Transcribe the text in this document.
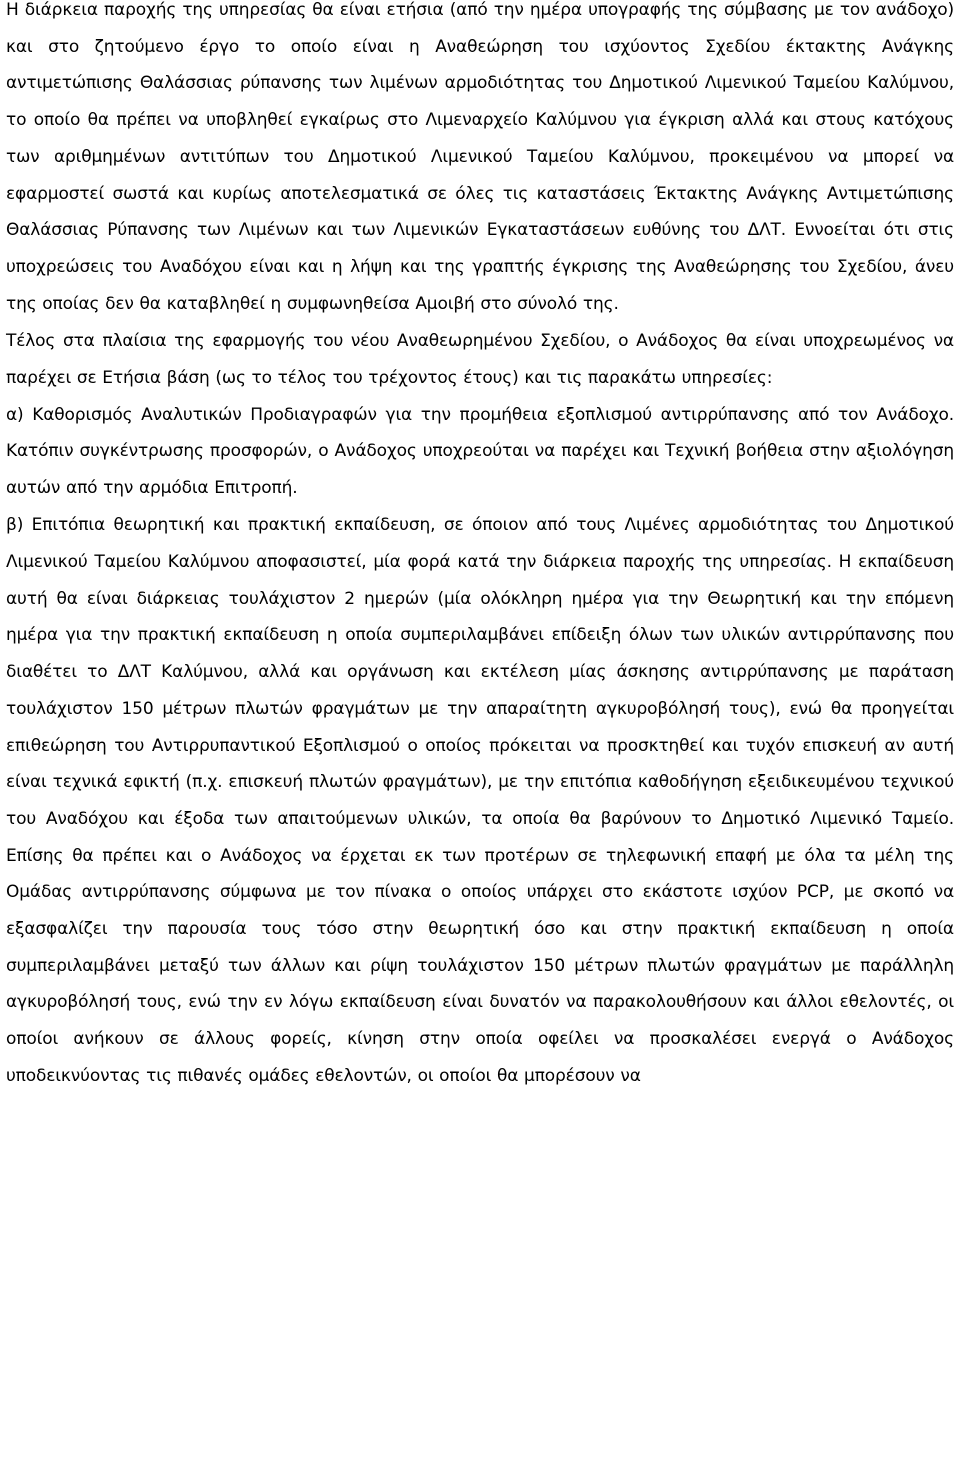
Η διάρκεια παροχής της υπηρεσίας θα είναι ετήσια (από την ημέρα υπογραφής της σύμβασης με τον ανάδοχο) και στο ζητούμενο έργο το οποίο είναι η Αναθεώρηση του ισχύοντος Σχεδίου έκτακτης Ανάγκης αντιμετώπισης Θαλάσσιας ρύπανσης των λιμένων αρμοδιότητας του Δημοτικού Λιμενικού Ταμείου Καλύμνου, το οποίο θα πρέπει να υποβληθεί εγκαίρως στο Λιμεναρχείο Καλύμνου για έγκριση αλλά και στους κατόχους των αριθμημένων αντιτύπων του Δημοτικού Λιμενικού Ταμείου Καλύμνου, προκειμένου να μπορεί να εφαρμοστεί σωστά και κυρίως αποτελεσματικά σε όλες τις καταστάσεις Έκτακτης Ανάγκης Αντιμετώπισης Θαλάσσιας Ρύπανσης των Λιμένων και των Λιμενικών Εγκαταστάσεων ευθύνης του ΔΛΤ. Εννοείται ότι στις υποχρεώσεις του Αναδόχου είναι και η λήψη και της γραπτής έγκρισης της Αναθεώρησης του Σχεδίου, άνευ της οποίας δεν θα καταβληθεί η συμφωνηθείσα Αμοιβή στο σύνολό της.

Τέλος στα πλαίσια της εφαρμογής του νέου Αναθεωρημένου Σχεδίου, ο Ανάδοχος θα είναι υποχρεωμένος να παρέχει σε Ετήσια βάση (ως το τέλος του τρέχοντος έτους) και τις παρακάτω υπηρεσίες:

α) Καθορισμός Αναλυτικών Προδιαγραφών για την προμήθεια εξοπλισμού αντιρρύπανσης από τον Ανάδοχο. Κατόπιν συγκέντρωσης προσφορών, ο Ανάδοχος υποχρεούται να παρέχει και Τεχνική βοήθεια στην αξιολόγηση αυτών από την αρμόδια Επιτροπή.

β) Επιτόπια θεωρητική και πρακτική εκπαίδευση, σε όποιον από τους Λιμένες αρμοδιότητας του Δημοτικού Λιμενικού Ταμείου Καλύμνου αποφασιστεί, μία φορά κατά την διάρκεια παροχής της υπηρεσίας. Η εκπαίδευση αυτή θα είναι διάρκειας τουλάχιστον 2 ημερών (μία ολόκληρη ημέρα για την Θεωρητική και την επόμενη ημέρα για την πρακτική εκπαίδευση η οποία συμπεριλαμβάνει επίδειξη όλων των υλικών αντιρρύπανσης που διαθέτει το ΔΛΤ Καλύμνου, αλλά και οργάνωση και εκτέλεση μίας άσκησης αντιρρύπανσης με παράταση τουλάχιστον 150 μέτρων πλωτών φραγμάτων με την απαραίτητη αγκυροβόλησή τους), ενώ θα προηγείται επιθεώρηση του Αντιρρυπαντικού Εξοπλισμού ο οποίος πρόκειται να προσκτηθεί και τυχόν επισκευή αν αυτή είναι τεχνικά εφικτή (π.χ. επισκευή πλωτών φραγμάτων), με την επιτόπια καθοδήγηση εξειδικευμένου τεχνικού του Αναδόχου και έξοδα των απαιτούμενων υλικών, τα οποία θα βαρύνουν το Δημοτικό Λιμενικό Ταμείο. Επίσης θα πρέπει και ο Ανάδοχος να έρχεται εκ των προτέρων σε τηλεφωνική επαφή με όλα τα μέλη της Ομάδας αντιρρύπανσης σύμφωνα με τον πίνακα ο οποίος υπάρχει στο εκάστοτε ισχύον PCP, με σκοπό να εξασφαλίζει την παρουσία τους τόσο στην θεωρητική όσο και στην πρακτική εκπαίδευση η οποία συμπεριλαμβάνει μεταξύ των άλλων και ρίψη τουλάχιστον 150 μέτρων πλωτών φραγμάτων με παράλληλη αγκυροβόλησή τους, ενώ την εν λόγω εκπαίδευση είναι δυνατόν να παρακολουθήσουν και άλλοι εθελοντές, οι οποίοι ανήκουν σε άλλους φορείς, κίνηση στην οποία οφείλει να προσκαλέσει ενεργά ο Ανάδοχος υποδεικνύοντας τις πιθανές ομάδες εθελοντών, οι οποίοι θα μπορέσουν να
